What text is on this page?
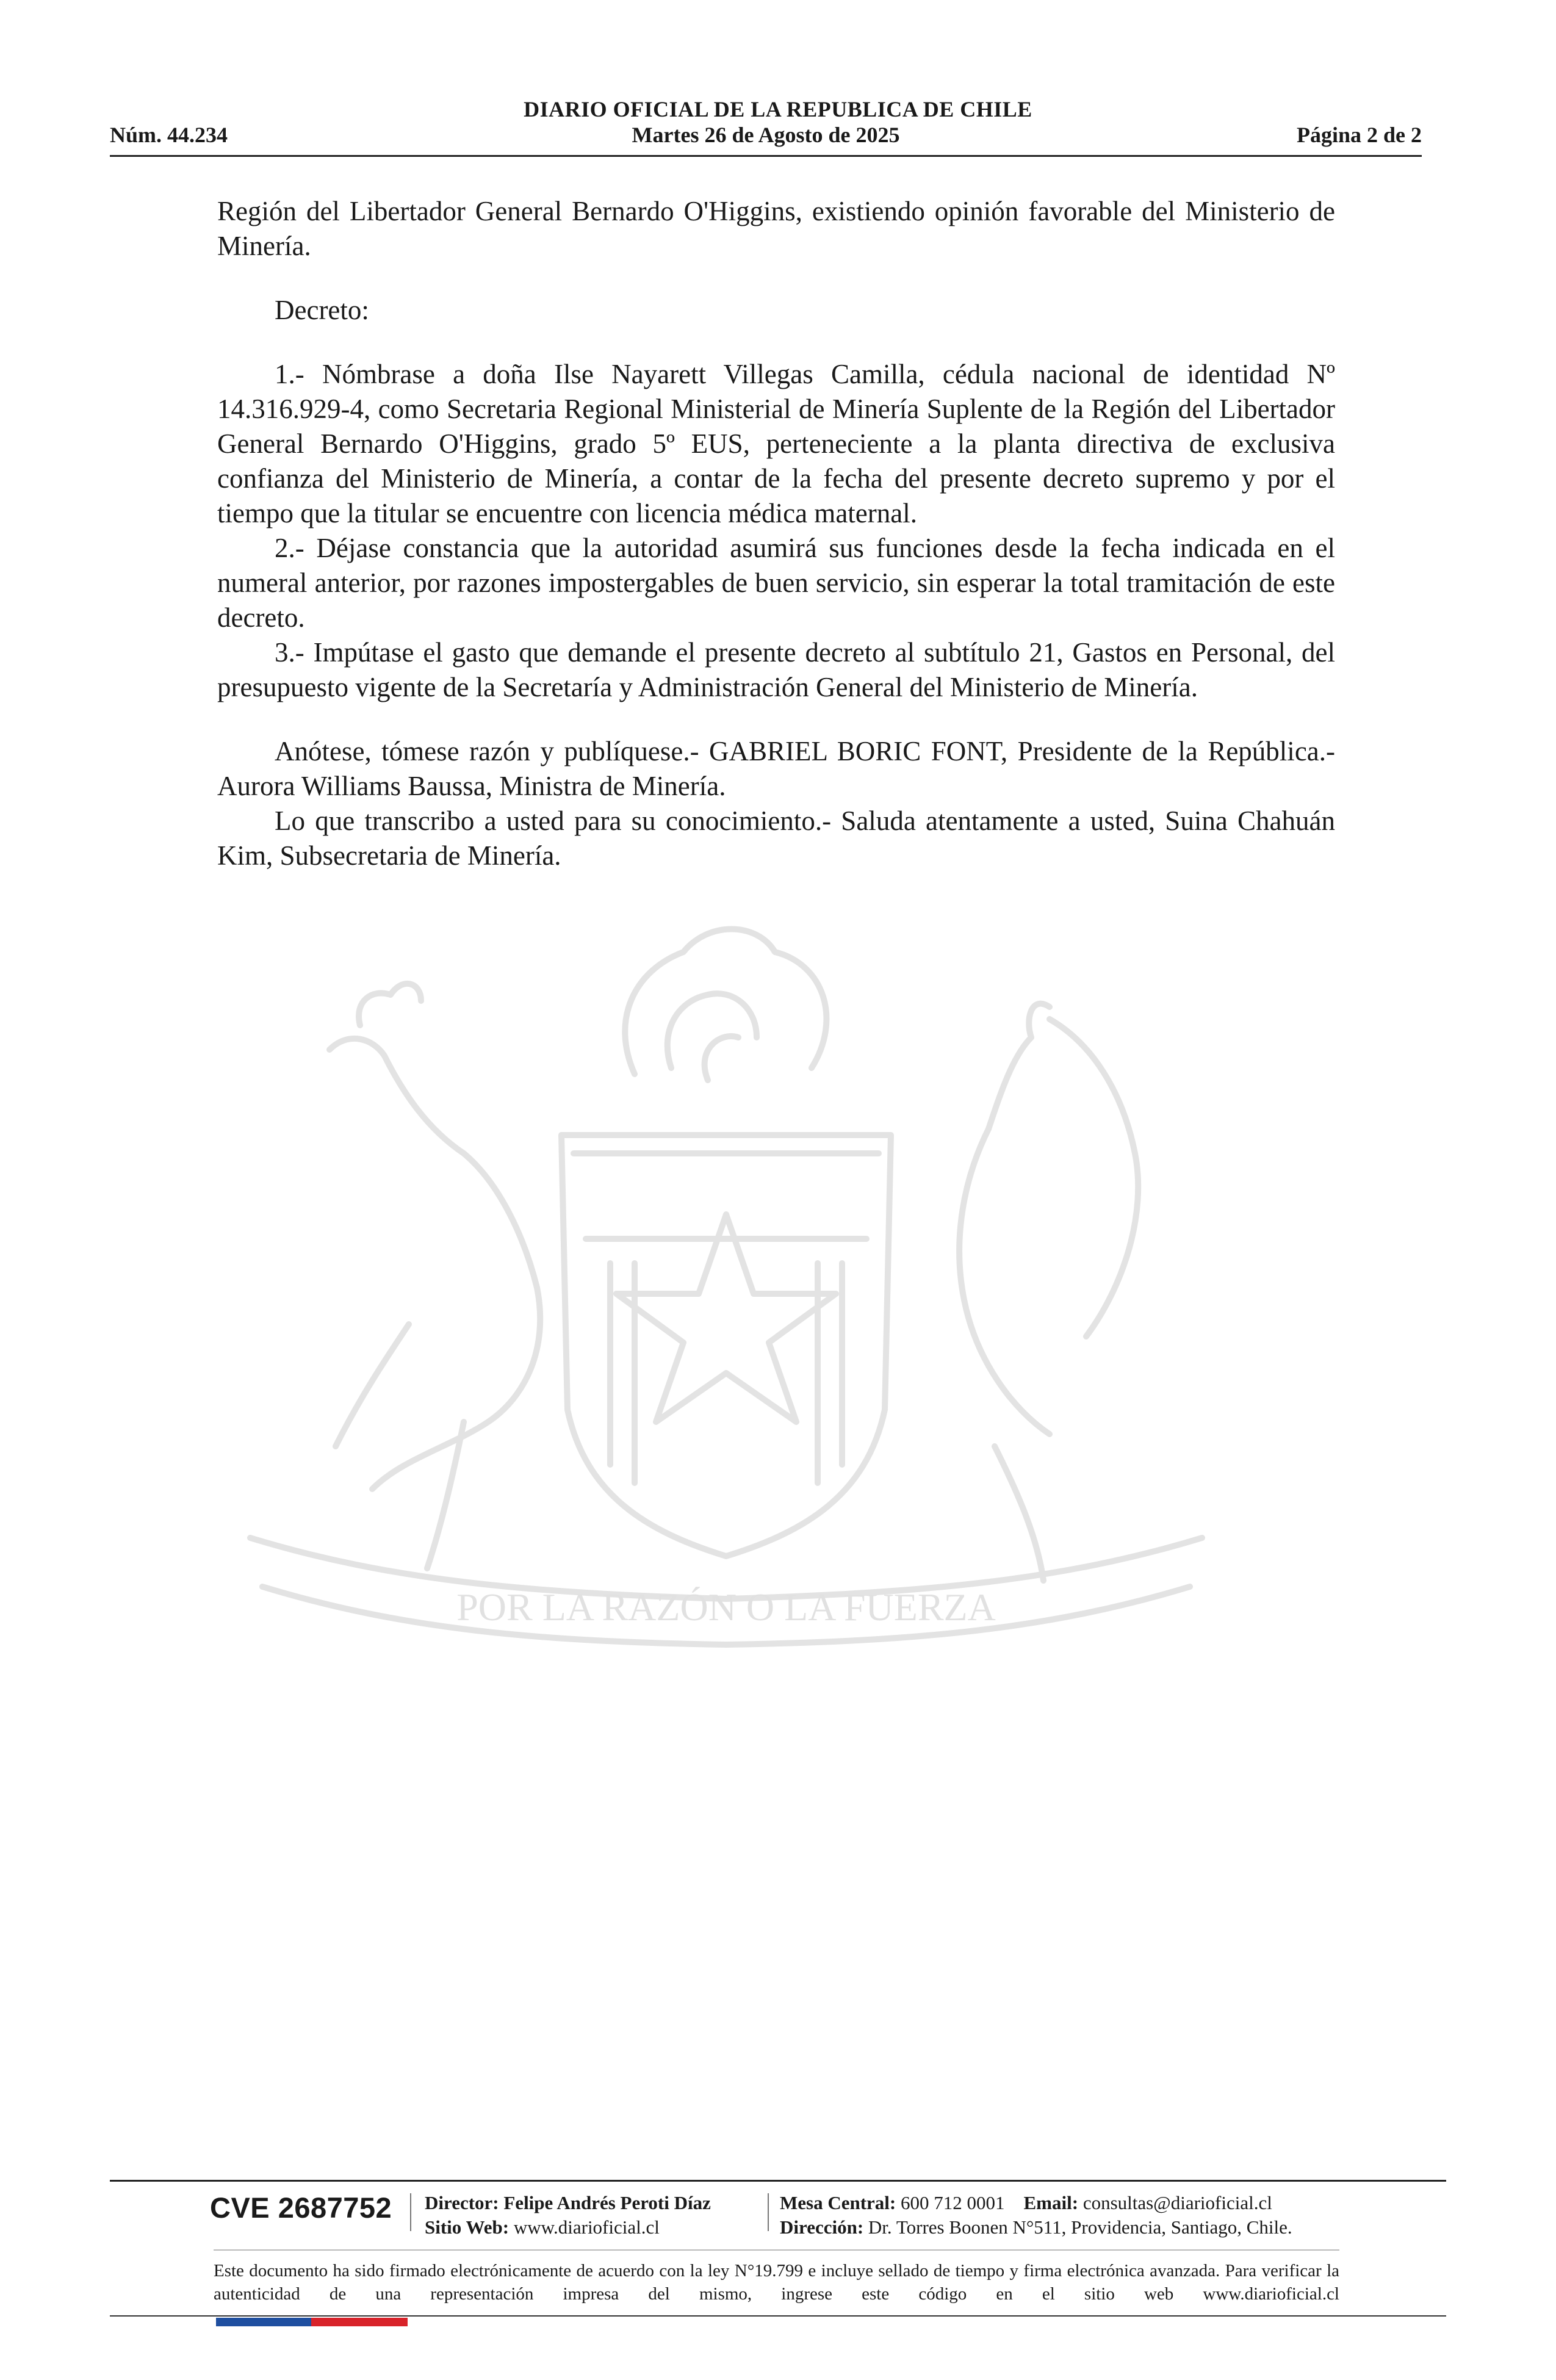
DIARIO OFICIAL DE LA REPUBLICA DE CHILE
Martes 26 de Agosto de 2025
Núm. 44.234	Página 2 de 2
POR LA RAZÓN O LA FUERZA

Región del Libertador General Bernardo O'Higgins, existiendo opinión favorable del Ministerio de Minería.

Decreto:

1.- Nómbrase a doña Ilse Nayarett Villegas Camilla, cédula nacional de identidad Nº 14.316.929-4, como Secretaria Regional Ministerial de Minería Suplente de la Región del Libertador General Bernardo O'Higgins, grado 5º EUS, perteneciente a la planta directiva de exclusiva confianza del Ministerio de Minería, a contar de la fecha del presente decreto supremo y por el tiempo que la titular se encuentre con licencia médica maternal.

2.- Déjase constancia que la autoridad asumirá sus funciones desde la fecha indicada en el numeral anterior, por razones impostergables de buen servicio, sin esperar la total tramitación de este decreto.

3.- Impútase el gasto que demande el presente decreto al subtítulo 21, Gastos en Personal, del presupuesto vigente de la Secretaría y Administración General del Ministerio de Minería.

Anótese, tómese razón y publíquese.- GABRIEL BORIC FONT, Presidente de la República.- Aurora Williams Baussa, Ministra de Minería.

Lo que transcribo a usted para su conocimiento.- Saluda atentamente a usted, Suina Chahuán Kim, Subsecretaria de Minería.

CVE 2687752 Director: Felipe Andrés Peroti Díaz
Sitio Web: www.diarioficial.cl
Mesa Central: 600 712 0001 Email: consultas@diarioficial.cl
Dirección: Dr. Torres Boonen N°511, Providencia, Santiago, Chile.
Este documento ha sido firmado electrónicamente de acuerdo con la ley N°19.799 e incluye sellado de tiempo y firma electrónica avanzada. Para verificar la autenticidad de una representación impresa del mismo, ingrese este código en el sitio web www.diarioficial.cl
